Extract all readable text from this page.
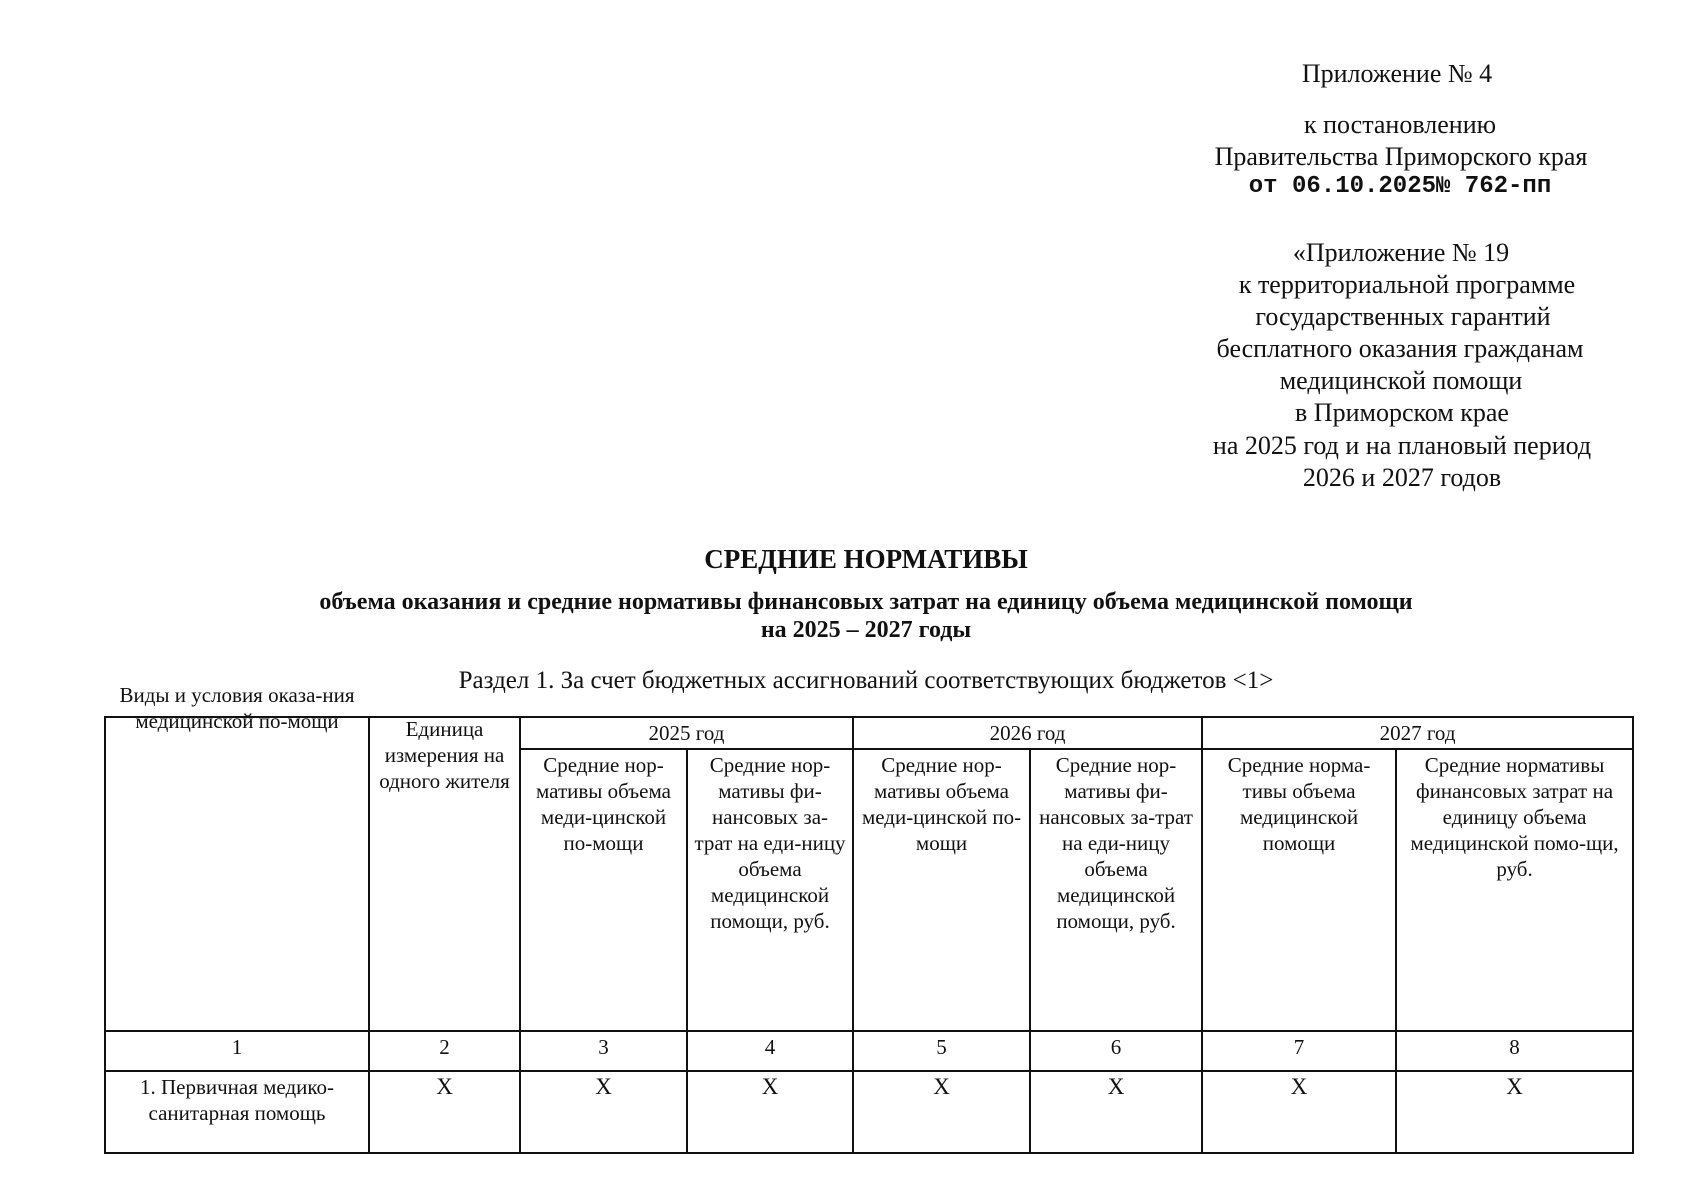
Приложение № 4
к постановлению
Правительства Приморского края
от 06.10.2025№ 762-пп
«Приложение № 19
к территориальной программе
государственных гарантий
бесплатного оказания гражданам
медицинской помощи
в Приморском крае
на 2025 год и на плановый период
2026 и 2027 годов
СРЕДНИЕ НОРМАТИВЫ
объема оказания и средние нормативы финансовых затрат на единицу объема медицинской помощи
на 2025 – 2027 годы
Раздел 1. За счет бюджетных ассигнований соответствующих бюджетов <1>
Виды и условия оказа-ния медицинской по-мощи	Единица измерения на одного жителя	2025 год		2026 год		2027 год	
		Средние нор-мативы объема меди-цинской по-мощи	Средние нор-мативы фи-нансовых за-трат на еди-ницу объема медицинской помощи, руб.	Средние нор-мативы объема меди-цинской по-мощи	Средние нор-мативы фи-нансовых за-трат на еди-ницу объема медицинской помощи, руб.	Средние норма-тивы объема медицинской помощи	Средние нормативы финансовых затрат на единицу объема медицинской помо-щи, руб.
1	2	3	4	5	6	7	8
1. Первичная медико-санитарная помощь	X	X	X	X	X	X	X
